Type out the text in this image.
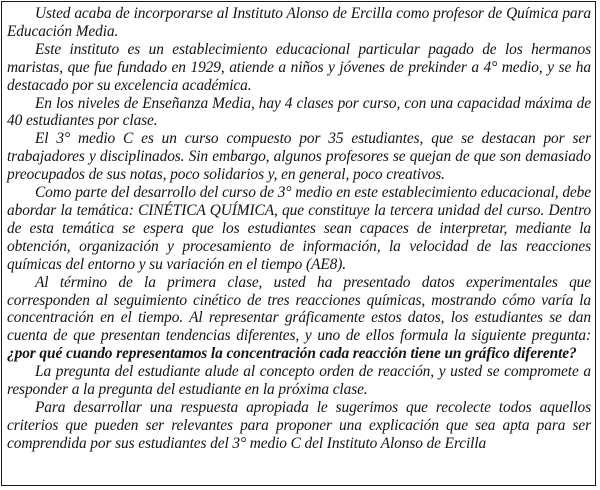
Usted acaba de incorporarse al Instituto Alonso de Ercilla como profesor de Química para Educación Media.

Este instituto es un establecimiento educacional particular pagado de los hermanos maristas, que fue fundado en 1929, atiende a niños y jóvenes de prekinder a 4° medio, y se ha destacado por su excelencia académica.

En los niveles de Enseñanza Media, hay 4 clases por curso, con una capacidad máxima de 40 estudiantes por clase.

El 3° medio C es un curso compuesto por 35 estudiantes, que se destacan por ser trabajadores y disciplinados. Sin embargo, algunos profesores se quejan de que son demasiado preocupados de sus notas, poco solidarios y, en general, poco creativos.

Como parte del desarrollo del curso de 3° medio en este establecimiento educacional, debe abordar la temática: CINÉTICA QUÍMICA, que constituye la tercera unidad del curso. Dentro de esta temática se espera que los estudiantes sean capaces de interpretar, mediante la obtención, organización y procesamiento de información, la velocidad de las reacciones químicas del entorno y su variación en el tiempo (AE8).

Al término de la primera clase, usted ha presentado datos experimentales que corresponden al seguimiento cinético de tres reacciones químicas, mostrando cómo varía la concentración en el tiempo. Al representar gráficamente estos datos, los estudiantes se dan cuenta de que presentan tendencias diferentes, y uno de ellos formula la siguiente pregunta: ¿por qué cuando representamos la concentración cada reacción tiene un gráfico diferente?

La pregunta del estudiante alude al concepto orden de reacción, y usted se compromete a responder a la pregunta del estudiante en la próxima clase.

Para desarrollar una respuesta apropiada le sugerimos que recolecte todos aquellos criterios que pueden ser relevantes para proponer una explicación que sea apta para ser comprendida por sus estudiantes del 3° medio C del Instituto Alonso de Ercilla
